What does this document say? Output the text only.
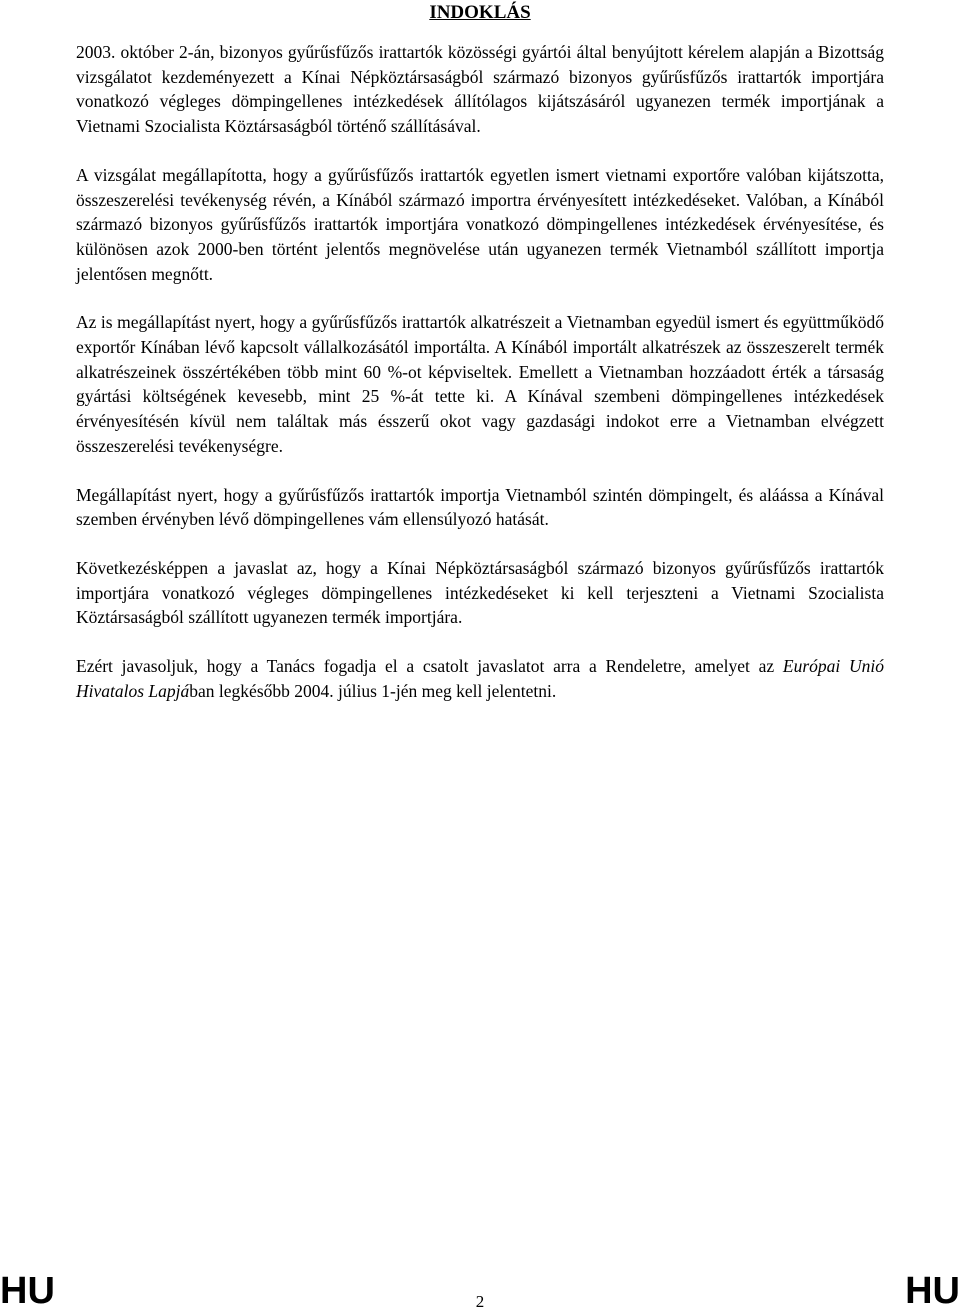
INDOKLÁS

2003. október 2-án, bizonyos gyűrűsfűzős irattartók közösségi gyártói által benyújtott kérelem alapján a Bizottság vizsgálatot kezdeményezett a Kínai Népköztársaságból származó bizonyos gyűrűsfűzős irattartók importjára vonatkozó végleges dömpingellenes intézkedések állítólagos kijátszásáról ugyanezen termék importjának a Vietnami Szocialista Köztársaságból történő szállításával.

A vizsgálat megállapította, hogy a gyűrűsfűzős irattartók egyetlen ismert vietnami exportőre valóban kijátszotta, összeszerelési tevékenység révén, a Kínából származó importra érvényesített intézkedéseket. Valóban, a Kínából származó bizonyos gyűrűsfűzős irattartók importjára vonatkozó dömpingellenes intézkedések érvényesítése, és különösen azok 2000-ben történt jelentős megnövelése után ugyanezen termék Vietnamból szállított importja jelentősen megnőtt.

Az is megállapítást nyert, hogy a gyűrűsfűzős irattartók alkatrészeit a Vietnamban egyedül ismert és együttműködő exportőr Kínában lévő kapcsolt vállalkozásától importálta. A Kínából importált alkatrészek az összeszerelt termék alkatrészeinek összértékében több mint 60 %-ot képviseltek. Emellett a Vietnamban hozzáadott érték a társaság gyártási költségének kevesebb, mint 25 %-át tette ki. A Kínával szembeni dömpingellenes intézkedések érvényesítésén kívül nem találtak más ésszerű okot vagy gazdasági indokot erre a Vietnamban elvégzett összeszerelési tevékenységre.

Megállapítást nyert, hogy a gyűrűsfűzős irattartók importja Vietnamból szintén dömpingelt, és aláássa a Kínával szemben érvényben lévő dömpingellenes vám ellensúlyozó hatását.

Következésképpen a javaslat az, hogy a Kínai Népköztársaságból származó bizonyos gyűrűsfűzős irattartók importjára vonatkozó végleges dömpingellenes intézkedéseket ki kell terjeszteni a Vietnami Szocialista Köztársaságból szállított ugyanezen termék importjára.

Ezért javasoljuk, hogy a Tanács fogadja el a csatolt javaslatot arra a Rendeletre, amelyet az Európai Unió Hivatalos Lapjában legkésőbb 2004. július 1-jén meg kell jelentetni.

HU	2	HU
